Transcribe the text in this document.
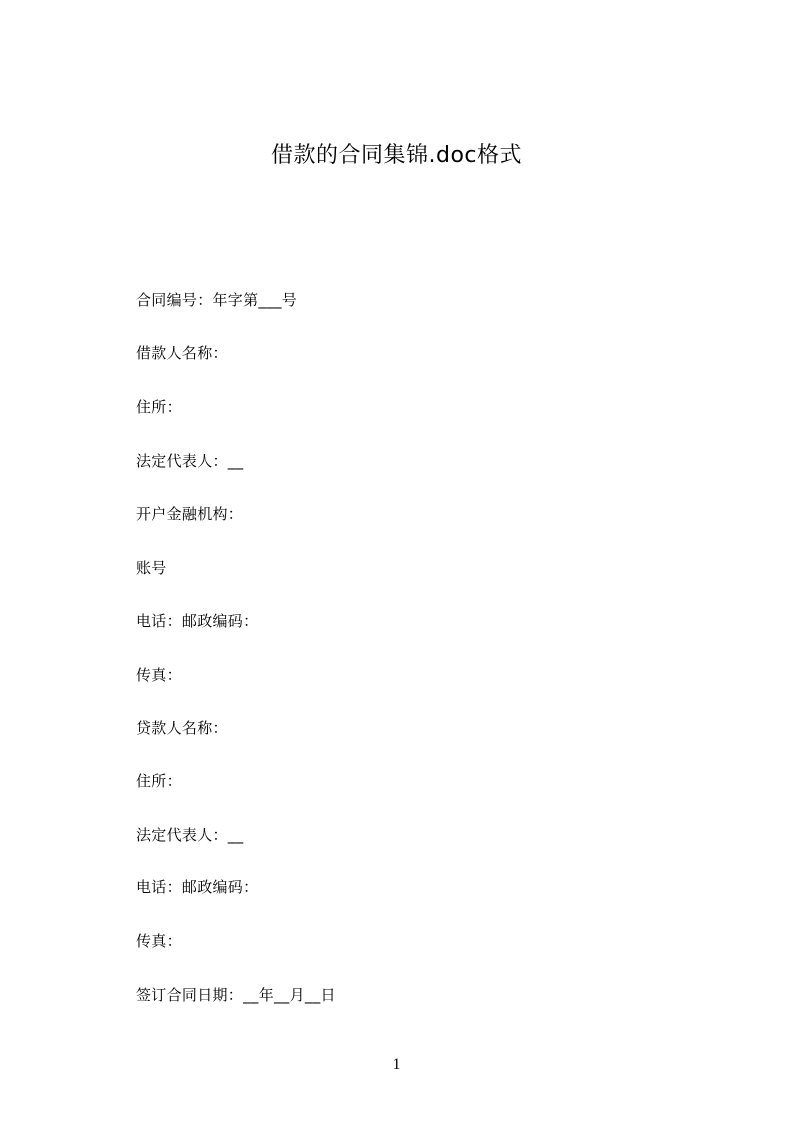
借款的合同集锦.doc格式
合同编号：年字第___号
借款人名称：
住所：
法定代表人：__
开户金融机构：
账号
电话：邮政编码：
传真：
贷款人名称：
住所：
法定代表人：__
电话：邮政编码：
传真：
签订合同日期：__年__月__日
1
